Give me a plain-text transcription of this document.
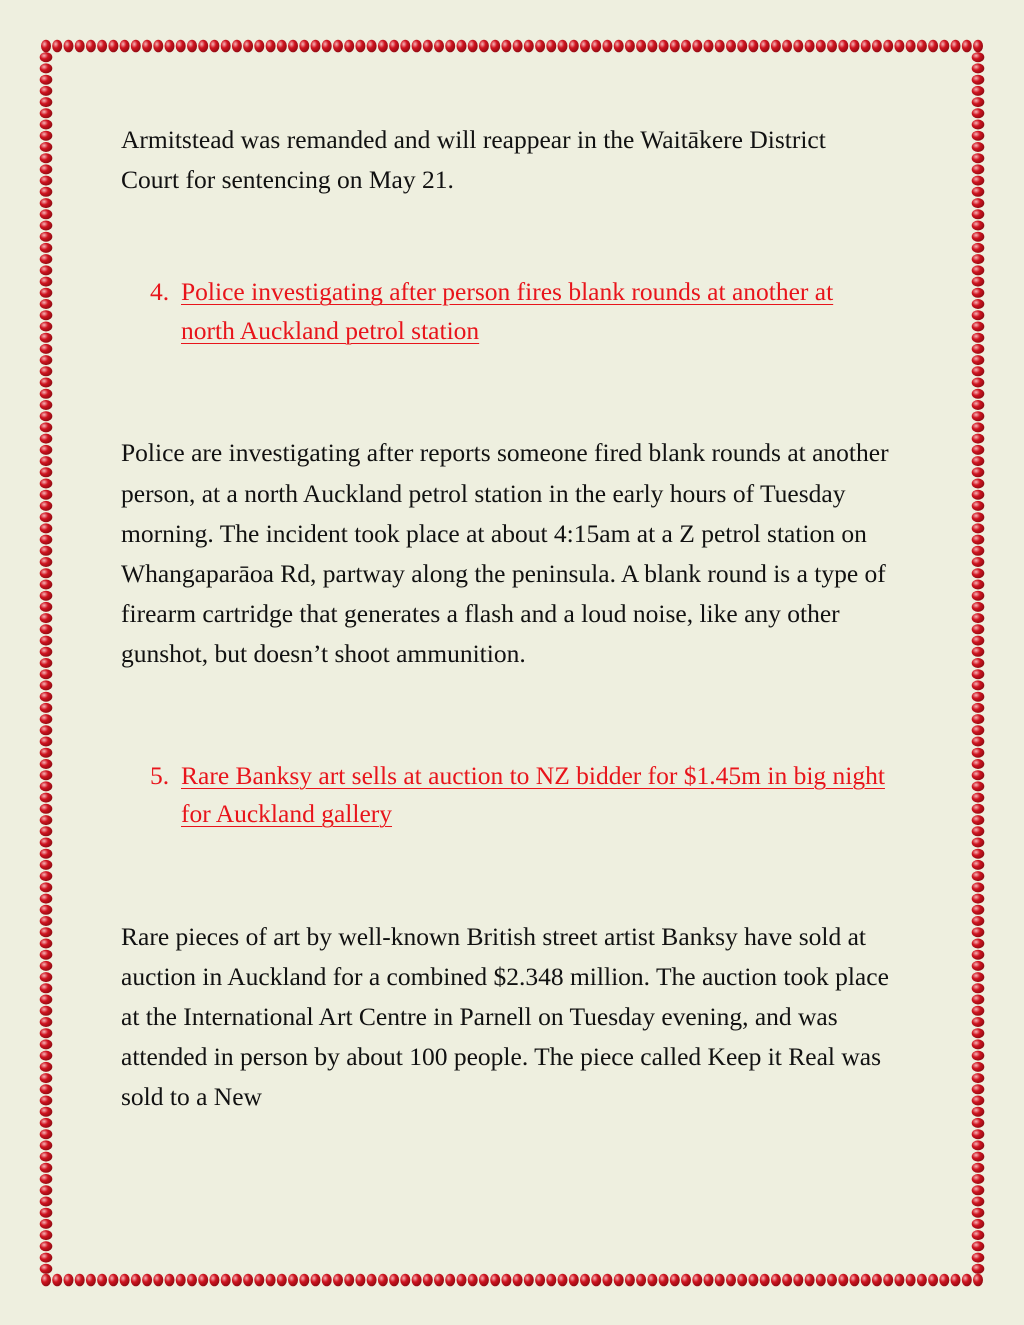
Armitstead was remanded and will reappear in the Waitākere District Court for sentencing on May 21.

4. Police investigating after person fires blank rounds at another at north Auckland petrol station

Police are investigating after reports someone fired blank rounds at another person, at a north Auckland petrol station in the early hours of Tuesday morning. The incident took place at about 4:15am at a Z petrol station on Whangaparāoa Rd, partway along the peninsula. A blank round is a type of firearm cartridge that generates a flash and a loud noise, like any other gunshot, but doesn’t shoot ammunition.

5. Rare Banksy art sells at auction to NZ bidder for $1.45m in big night for Auckland gallery

Rare pieces of art by well-known British street artist Banksy have sold at auction in Auckland for a combined $2.348 million. The auction took place at the International Art Centre in Parnell on Tuesday evening, and was attended in person by about 100 people. The piece called Keep it Real was sold to a New
